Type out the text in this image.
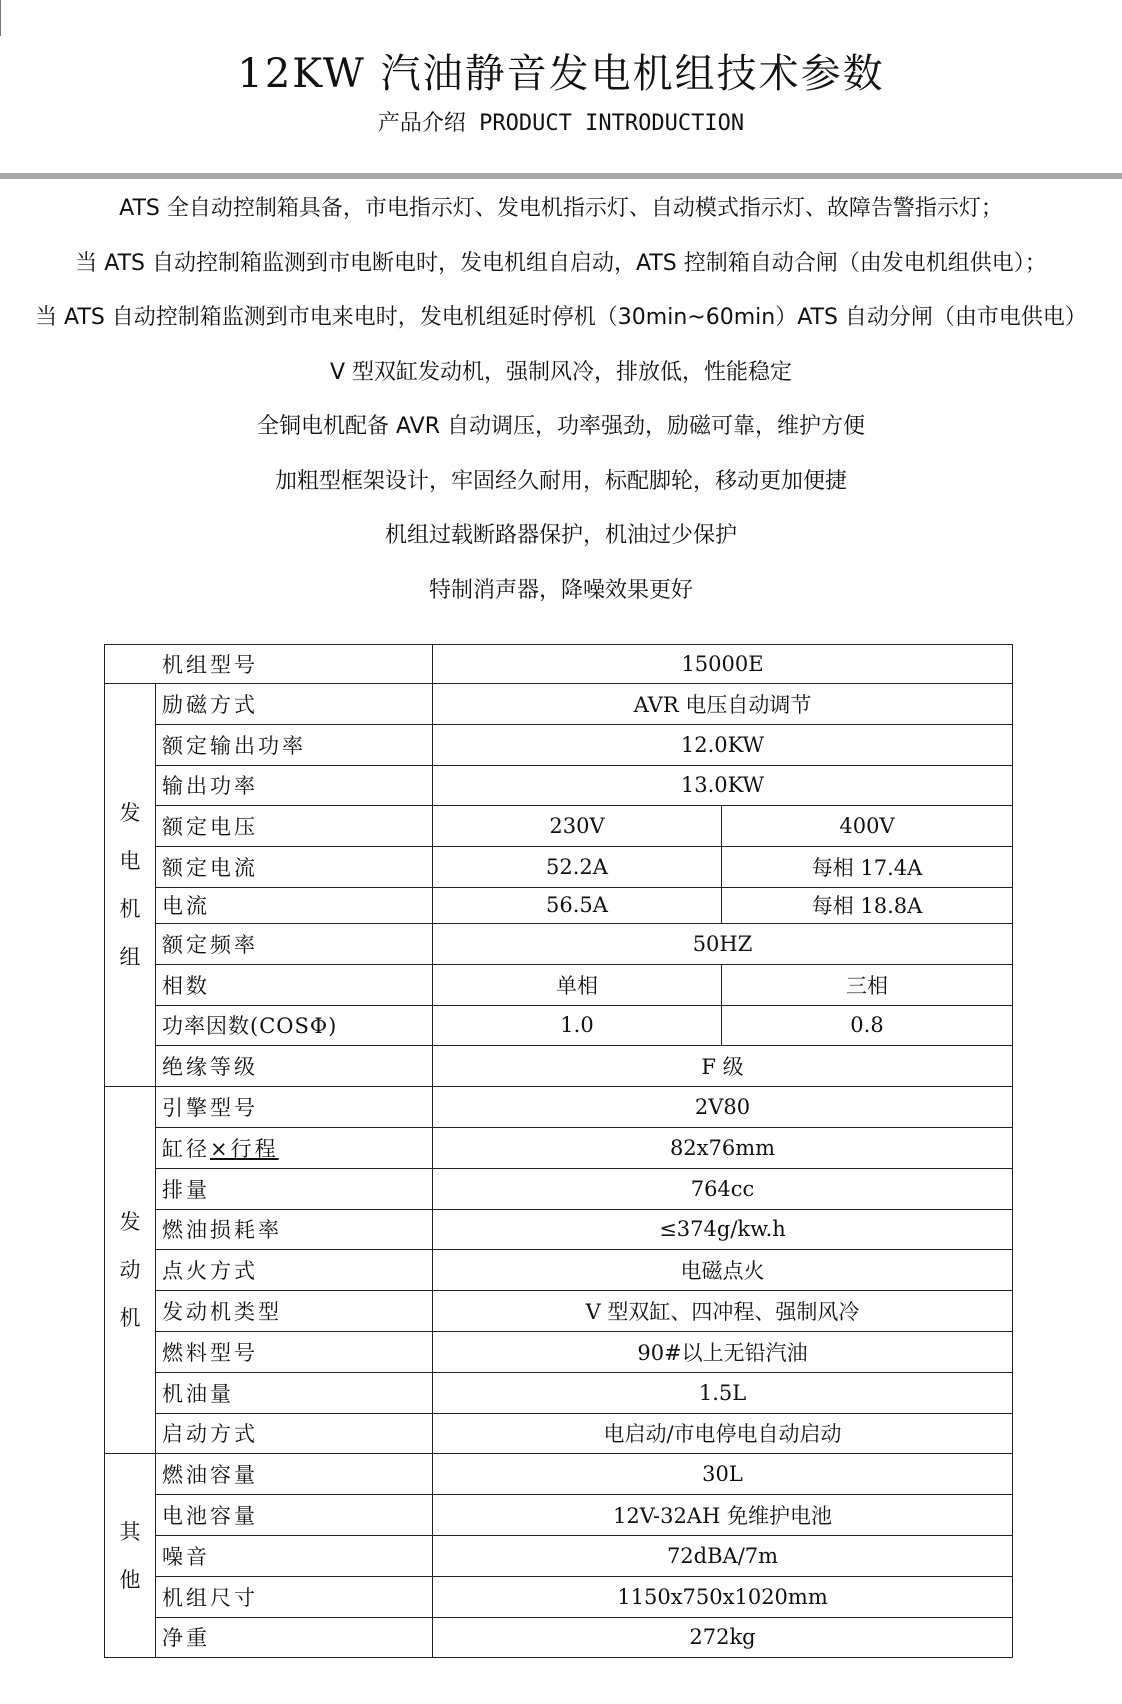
12KW 汽油静音发电机组技术参数
产品介绍 PRODUCT INTRODUCTION
ATS 全自动控制箱具备，市电指示灯、发电机指示灯、自动模式指示灯、故障告警指示灯；
当 ATS 自动控制箱监测到市电断电时，发电机组自启动，ATS 控制箱自动合闸（由发电机组供电）；
当 ATS 自动控制箱监测到市电来电时，发电机组延时停机（30min~60min）ATS 自动分闸（由市电供电）
V 型双缸发动机，强制风冷，排放低，性能稳定
全铜电机配备 AVR 自动调压，功率强劲，励磁可靠，维护方便
加粗型框架设计，牢固经久耐用，标配脚轮，移动更加便捷
机组过载断路器保护，机油过少保护
特制消声器，降噪效果更好
机组型号		15000E	

发
电
机
组	励磁方式	AVR 电压自动调节	
	额定输出功率	12.0KW	
	输出功率	13.0KW	
	额定电压	230V	400V
	额定电流	52.2A	每相 17.4A
	电流	56.5A	每相 18.8A
	额定频率	50HZ	
	相数	单相	三相
	功率因数(COSΦ)	1.0	0.8
	绝缘等级	F 级	

发
动
机	引擎型号	2V80	
	缸径×行程	82x76mm	
	排量	764cc	
	燃油损耗率	≤374g/kw.h	
	点火方式	电磁点火	
	发动机类型	V 型双缸、四冲程、强制风冷	
	燃料型号	90#以上无铅汽油	
	机油量	1.5L	
	启动方式	电启动/市电停电自动启动	

其
他	燃油容量	30L	
	电池容量	12V-32AH 免维护电池	
	噪音	72dBA/7m	
	机组尺寸	1150x750x1020mm	
	净重	272kg	
